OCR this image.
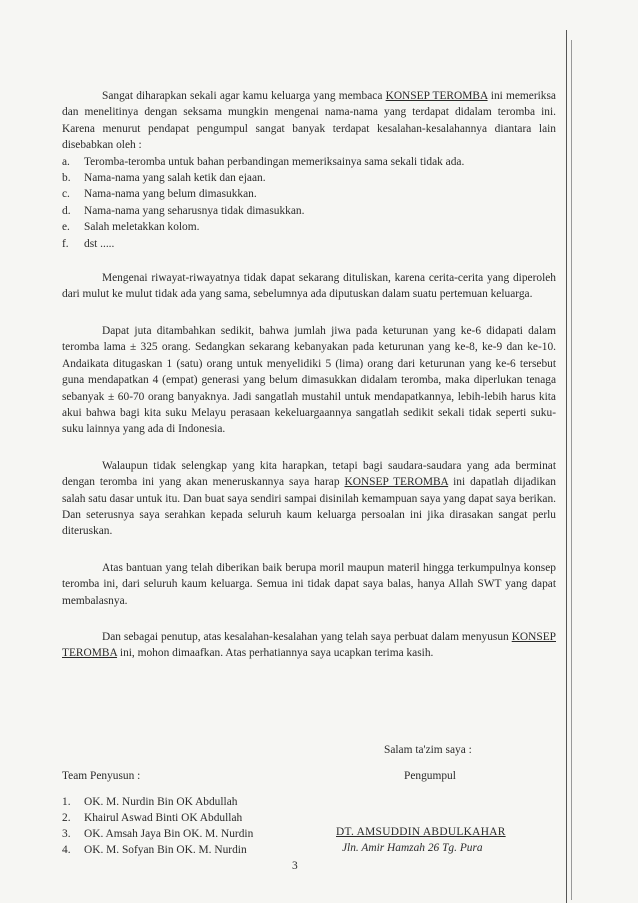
Sangat diharapkan sekali agar kamu keluarga yang membaca KONSEP TEROMBA ini memeriksa dan menelitinya dengan seksama mungkin mengenai nama-nama yang terdapat didalam teromba ini. Karena menurut pendapat pengumpul sangat banyak terdapat kesalahan-kesalahannya diantara lain disebabkan oleh :

a.	Teromba-teromba untuk bahan perbandingan memeriksainya sama sekali tidak ada.
b.	Nama-nama yang salah ketik dan ejaan.
c.	Nama-nama yang belum dimasukkan.
d.	Nama-nama yang seharusnya tidak dimasukkan.
e.	Salah meletakkan kolom.
f.	dst .....

Mengenai riwayat-riwayatnya tidak dapat sekarang dituliskan, karena cerita-cerita yang diperoleh dari mulut ke mulut tidak ada yang sama, sebelumnya ada diputuskan dalam suatu pertemuan keluarga.

Dapat juta ditambahkan sedikit, bahwa jumlah jiwa pada keturunan yang ke-6 didapati dalam teromba lama ± 325 orang. Sedangkan sekarang kebanyakan pada keturunan yang ke-8, ke-9 dan ke-10. Andaikata ditugaskan 1 (satu) orang untuk menyelidiki 5 (lima) orang dari keturunan yang ke-6 tersebut guna mendapatkan 4 (empat) generasi yang belum dimasukkan didalam teromba, maka diperlukan tenaga sebanyak ± 60-70 orang banyaknya. Jadi sangatlah mustahil untuk mendapatkannya, lebih-lebih harus kita akui bahwa bagi kita suku Melayu perasaan kekeluargaannya sangatlah sedikit sekali tidak seperti suku-suku lainnya yang ada di Indonesia.

Walaupun tidak selengkap yang kita harapkan, tetapi bagi saudara-saudara yang ada berminat dengan teromba ini yang akan meneruskannya saya harap KONSEP TEROMBA ini dapatlah dijadikan salah satu dasar untuk itu. Dan buat saya sendiri sampai disinilah kemampuan saya yang dapat saya berikan. Dan seterusnya saya serahkan kepada seluruh kaum keluarga persoalan ini jika dirasakan sangat perlu diteruskan.

Atas bantuan yang telah diberikan baik berupa moril maupun materil hingga terkumpulnya konsep teromba ini, dari seluruh kaum keluarga. Semua ini tidak dapat saya balas, hanya Allah SWT yang dapat membalasnya.

Dan sebagai penutup, atas kesalahan-kesalahan yang telah saya perbuat dalam menyusun KONSEP TEROMBA ini, mohon dimaafkan. Atas perhatiannya saya ucapkan terima kasih.

Salam ta'zim saya :
Team Penyusun :	Pengumpul
1.	OK. M. Nurdin Bin OK Abdullah
2.	Khairul Aswad Binti OK Abdullah
3.	OK. Amsah Jaya Bin OK. M. Nurdin
4.	OK. M. Sofyan Bin OK. M. Nurdin
DT. AMSUDDIN ABDULKAHAR
Jln. Amir Hamzah 26 Tg. Pura
3
